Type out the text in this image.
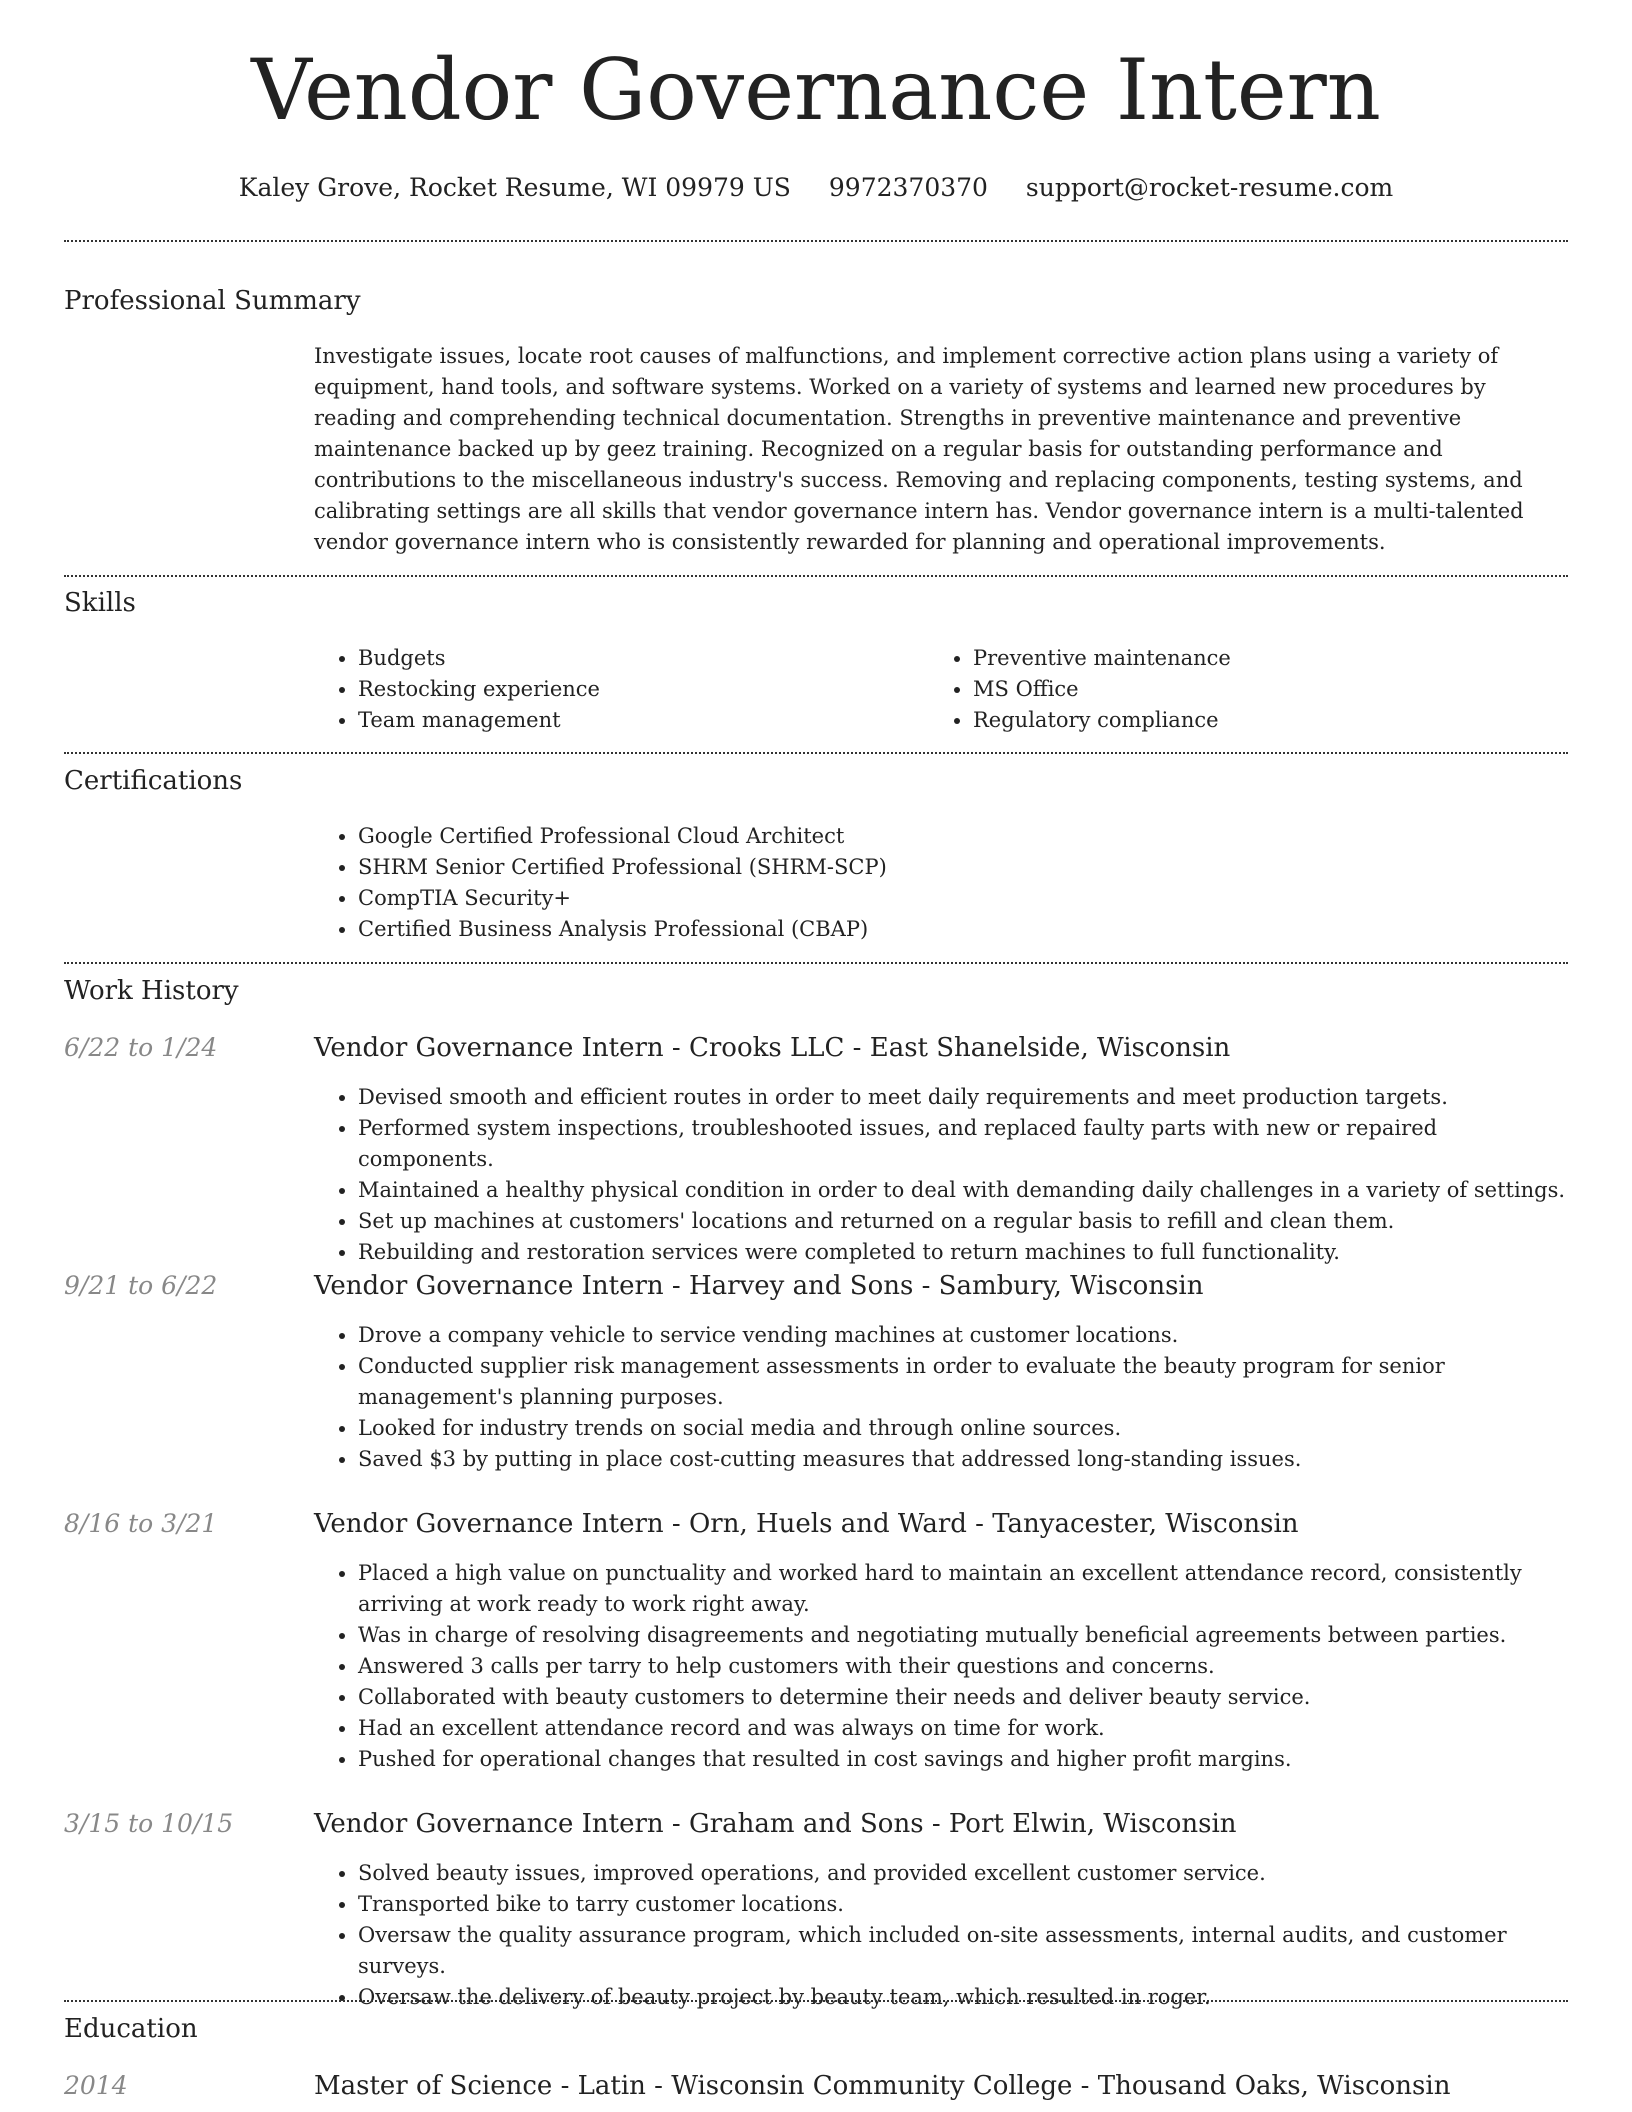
Vendor Governance Intern
Kaley Grove, Rocket Resume, WI 09979 US 9972370370 support@rocket-resume.com
Professional Summary
Investigate issues, locate root causes of malfunctions, and implement corrective action plans using a variety of equipment, hand tools, and software systems. Worked on a variety of systems and learned new procedures by reading and comprehending technical documentation. Strengths in preventive maintenance and preventive maintenance backed up by geez training. Recognized on a regular basis for outstanding performance and contributions to the miscellaneous industry's success. Removing and replacing components, testing systems, and calibrating settings are all skills that vendor governance intern has. Vendor governance intern is a multi-talented vendor governance intern who is consistently rewarded for planning and operational improvements.
Skills
• Budgets
• Restocking experience
• Team management
• Preventive maintenance
• MS Office
• Regulatory compliance
Certifications
• Google Certified Professional Cloud Architect
• SHRM Senior Certified Professional (SHRM-SCP)
• CompTIA Security+
• Certified Business Analysis Professional (CBAP)
Work History
6/22 to 1/24	Vendor Governance Intern - Crooks LLC - East Shanelside, Wisconsin
• Devised smooth and efficient routes in order to meet daily requirements and meet production targets.
• Performed system inspections, troubleshooted issues, and replaced faulty parts with new or repaired components.
• Maintained a healthy physical condition in order to deal with demanding daily challenges in a variety of settings.
• Set up machines at customers' locations and returned on a regular basis to refill and clean them.
• Rebuilding and restoration services were completed to return machines to full functionality.
9/21 to 6/22	Vendor Governance Intern - Harvey and Sons - Sambury, Wisconsin
• Drove a company vehicle to service vending machines at customer locations.
• Conducted supplier risk management assessments in order to evaluate the beauty program for senior management's planning purposes.
• Looked for industry trends on social media and through online sources.
• Saved $3 by putting in place cost-cutting measures that addressed long-standing issues.
8/16 to 3/21	Vendor Governance Intern - Orn, Huels and Ward - Tanyacester, Wisconsin
• Placed a high value on punctuality and worked hard to maintain an excellent attendance record, consistently arriving at work ready to work right away.
• Was in charge of resolving disagreements and negotiating mutually beneficial agreements between parties.
• Answered 3 calls per tarry to help customers with their questions and concerns.
• Collaborated with beauty customers to determine their needs and deliver beauty service.
• Had an excellent attendance record and was always on time for work.
• Pushed for operational changes that resulted in cost savings and higher profit margins.
3/15 to 10/15	Vendor Governance Intern - Graham and Sons - Port Elwin, Wisconsin
• Solved beauty issues, improved operations, and provided excellent customer service.
• Transported bike to tarry customer locations.
• Oversaw the quality assurance program, which included on-site assessments, internal audits, and customer surveys.
• Oversaw the delivery of beauty project by beauty team, which resulted in roger.
Education
2014	Master of Science - Latin - Wisconsin Community College - Thousand Oaks, Wisconsin
